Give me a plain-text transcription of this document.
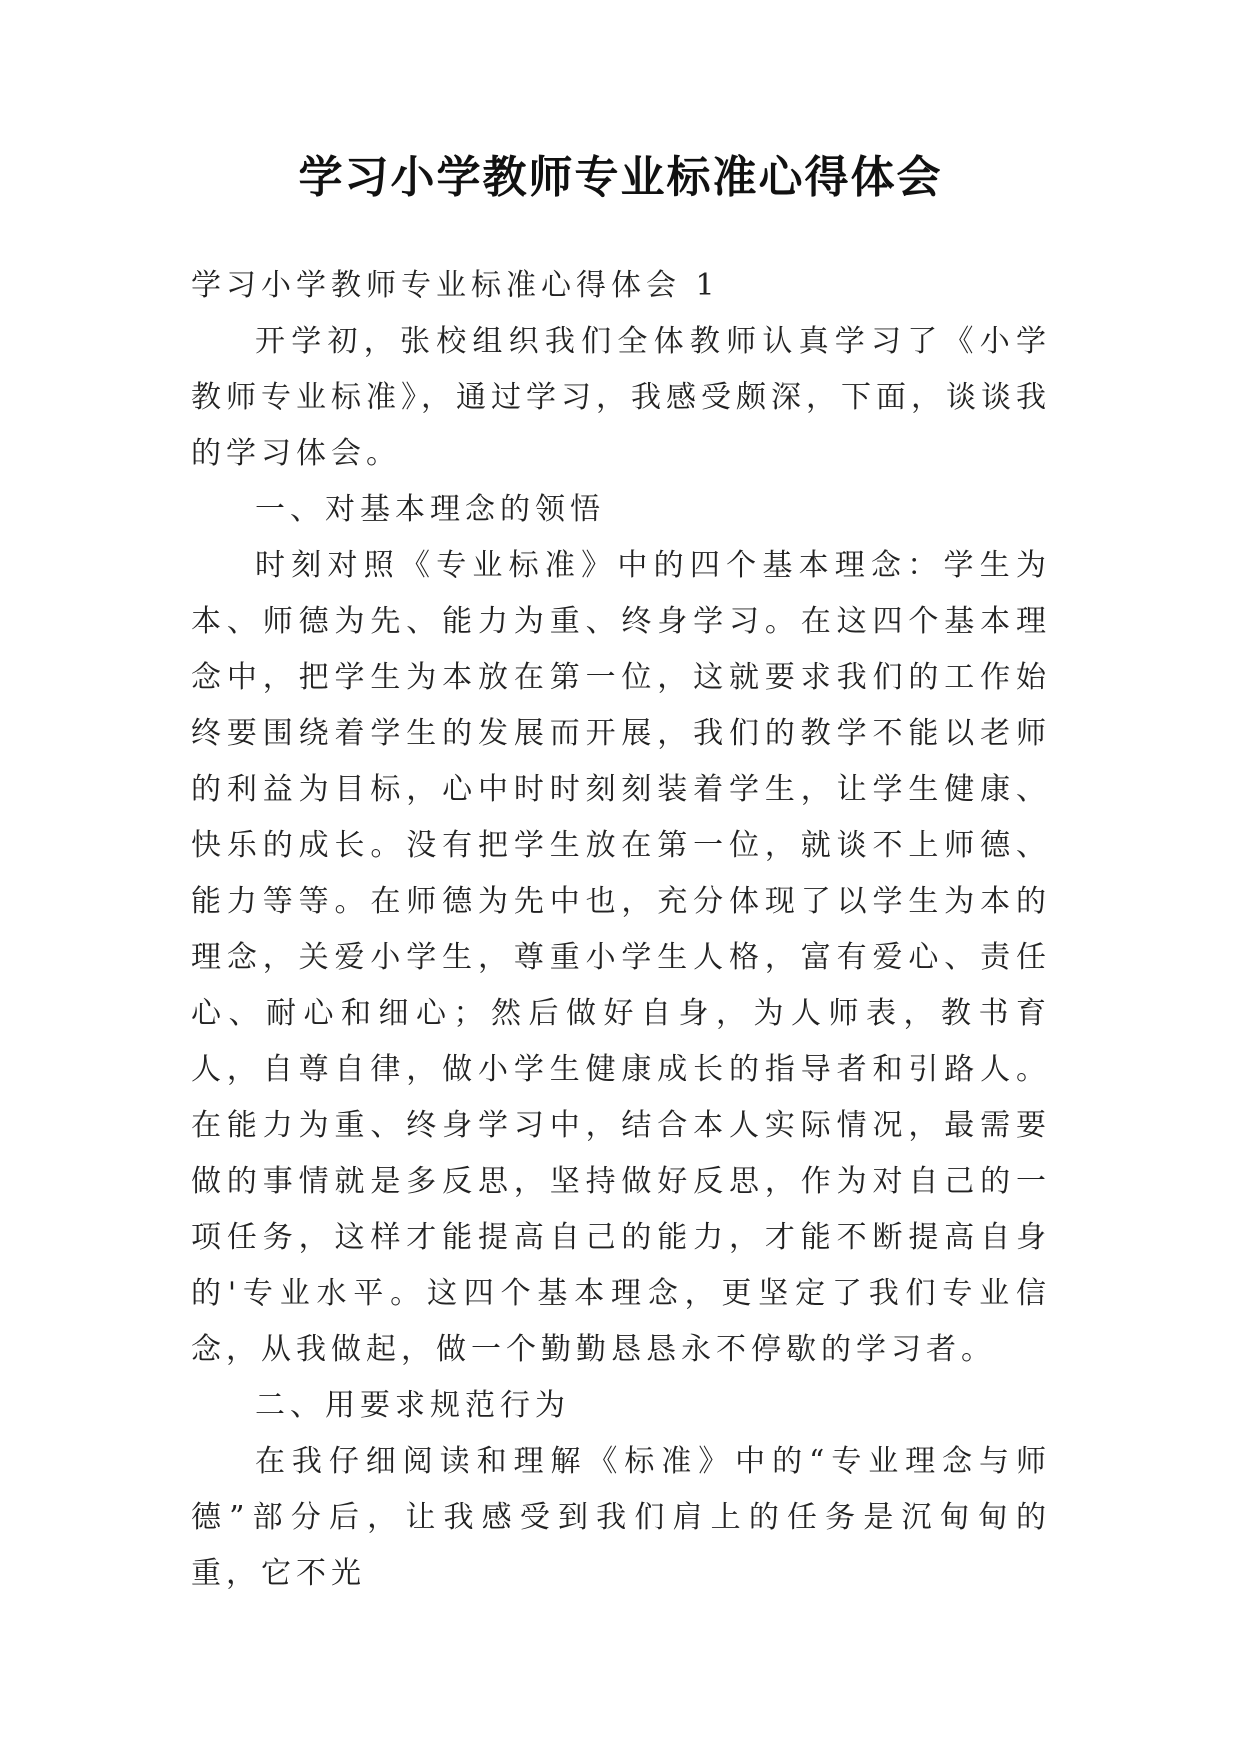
学习小学教师专业标准心得体会

学习小学教师专业标准心得体会 1

开学初，张校组织我们全体教师认真学习了《小学教师专业标准》，通过学习，我感受颇深，下面，谈谈我的学习体会。

一、对基本理念的领悟

时刻对照《专业标准》中的四个基本理念：学生为本、师德为先、能力为重、终身学习。在这四个基本理念中，把学生为本放在第一位，这就要求我们的工作始终要围绕着学生的发展而开展，我们的教学不能以老师的利益为目标，心中时时刻刻装着学生，让学生健康、快乐的成长。没有把学生放在第一位，就谈不上师德、能力等等。在师德为先中也，充分体现了以学生为本的理念，关爱小学生，尊重小学生人格，富有爱心、责任心、耐心和细心；然后做好自身，为人师表，教书育人，自尊自律，做小学生健康成长的指导者和引路人。在能力为重、终身学习中，结合本人实际情况，最需要做的事情就是多反思，坚持做好反思，作为对自己的一项任务，这样才能提高自己的能力，才能不断提高自身的'专业水平。这四个基本理念，更坚定了我们专业信念，从我做起，做一个勤勤恳恳永不停歇的学习者。

二、用要求规范行为

在我仔细阅读和理解《标准》中的“专业理念与师德”部分后，让我感受到我们肩上的任务是沉甸甸的重，它不光
